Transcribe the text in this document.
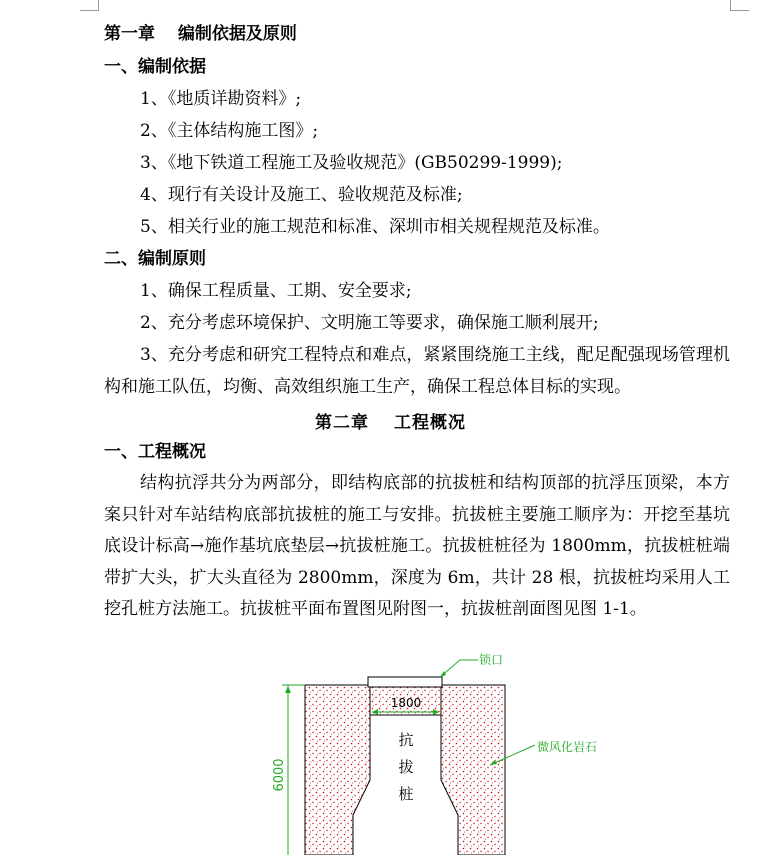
第一章　 编制依据及原则
一、编制依据
1、《地质详勘资料》;
2、《主体结构施工图》;
3、《地下铁道工程施工及验收规范》(GB50299-1999);
4、现行有关设计及施工、验收规范及标准;
5、相关行业的施工规范和标准、深圳市相关规程规范及标准。
二、编制原则
1、确保工程质量、工期、安全要求;
2、充分考虑环境保护、文明施工等要求，确保施工顺利展开;

3、充分考虑和研究工程特点和难点，紧紧围绕施工主线，配足配强现场管理机构和施工队伍，均衡、高效组织施工生产，确保工程总体目标的实现。

第二章　 工程概况
一、工程概况

结构抗浮共分为两部分，即结构底部的抗拔桩和结构顶部的抗浮压顶梁，本方案只针对车站结构底部抗拔桩的施工与安排。抗拔桩主要施工顺序为：开挖至基坑底设计标高→施作基坑底垫层→抗拔桩施工。抗拔桩桩径为 1800mm，抗拔桩桩端带扩大头，扩大头直径为 2800mm，深度为 6m，共计 28 根，抗拔桩均采用人工挖孔桩方法施工。抗拔桩平面布置图见附图一，抗拔桩剖面图见图 1-1。

1800
6000
抗
拔
桩
锁口
微风化岩石
